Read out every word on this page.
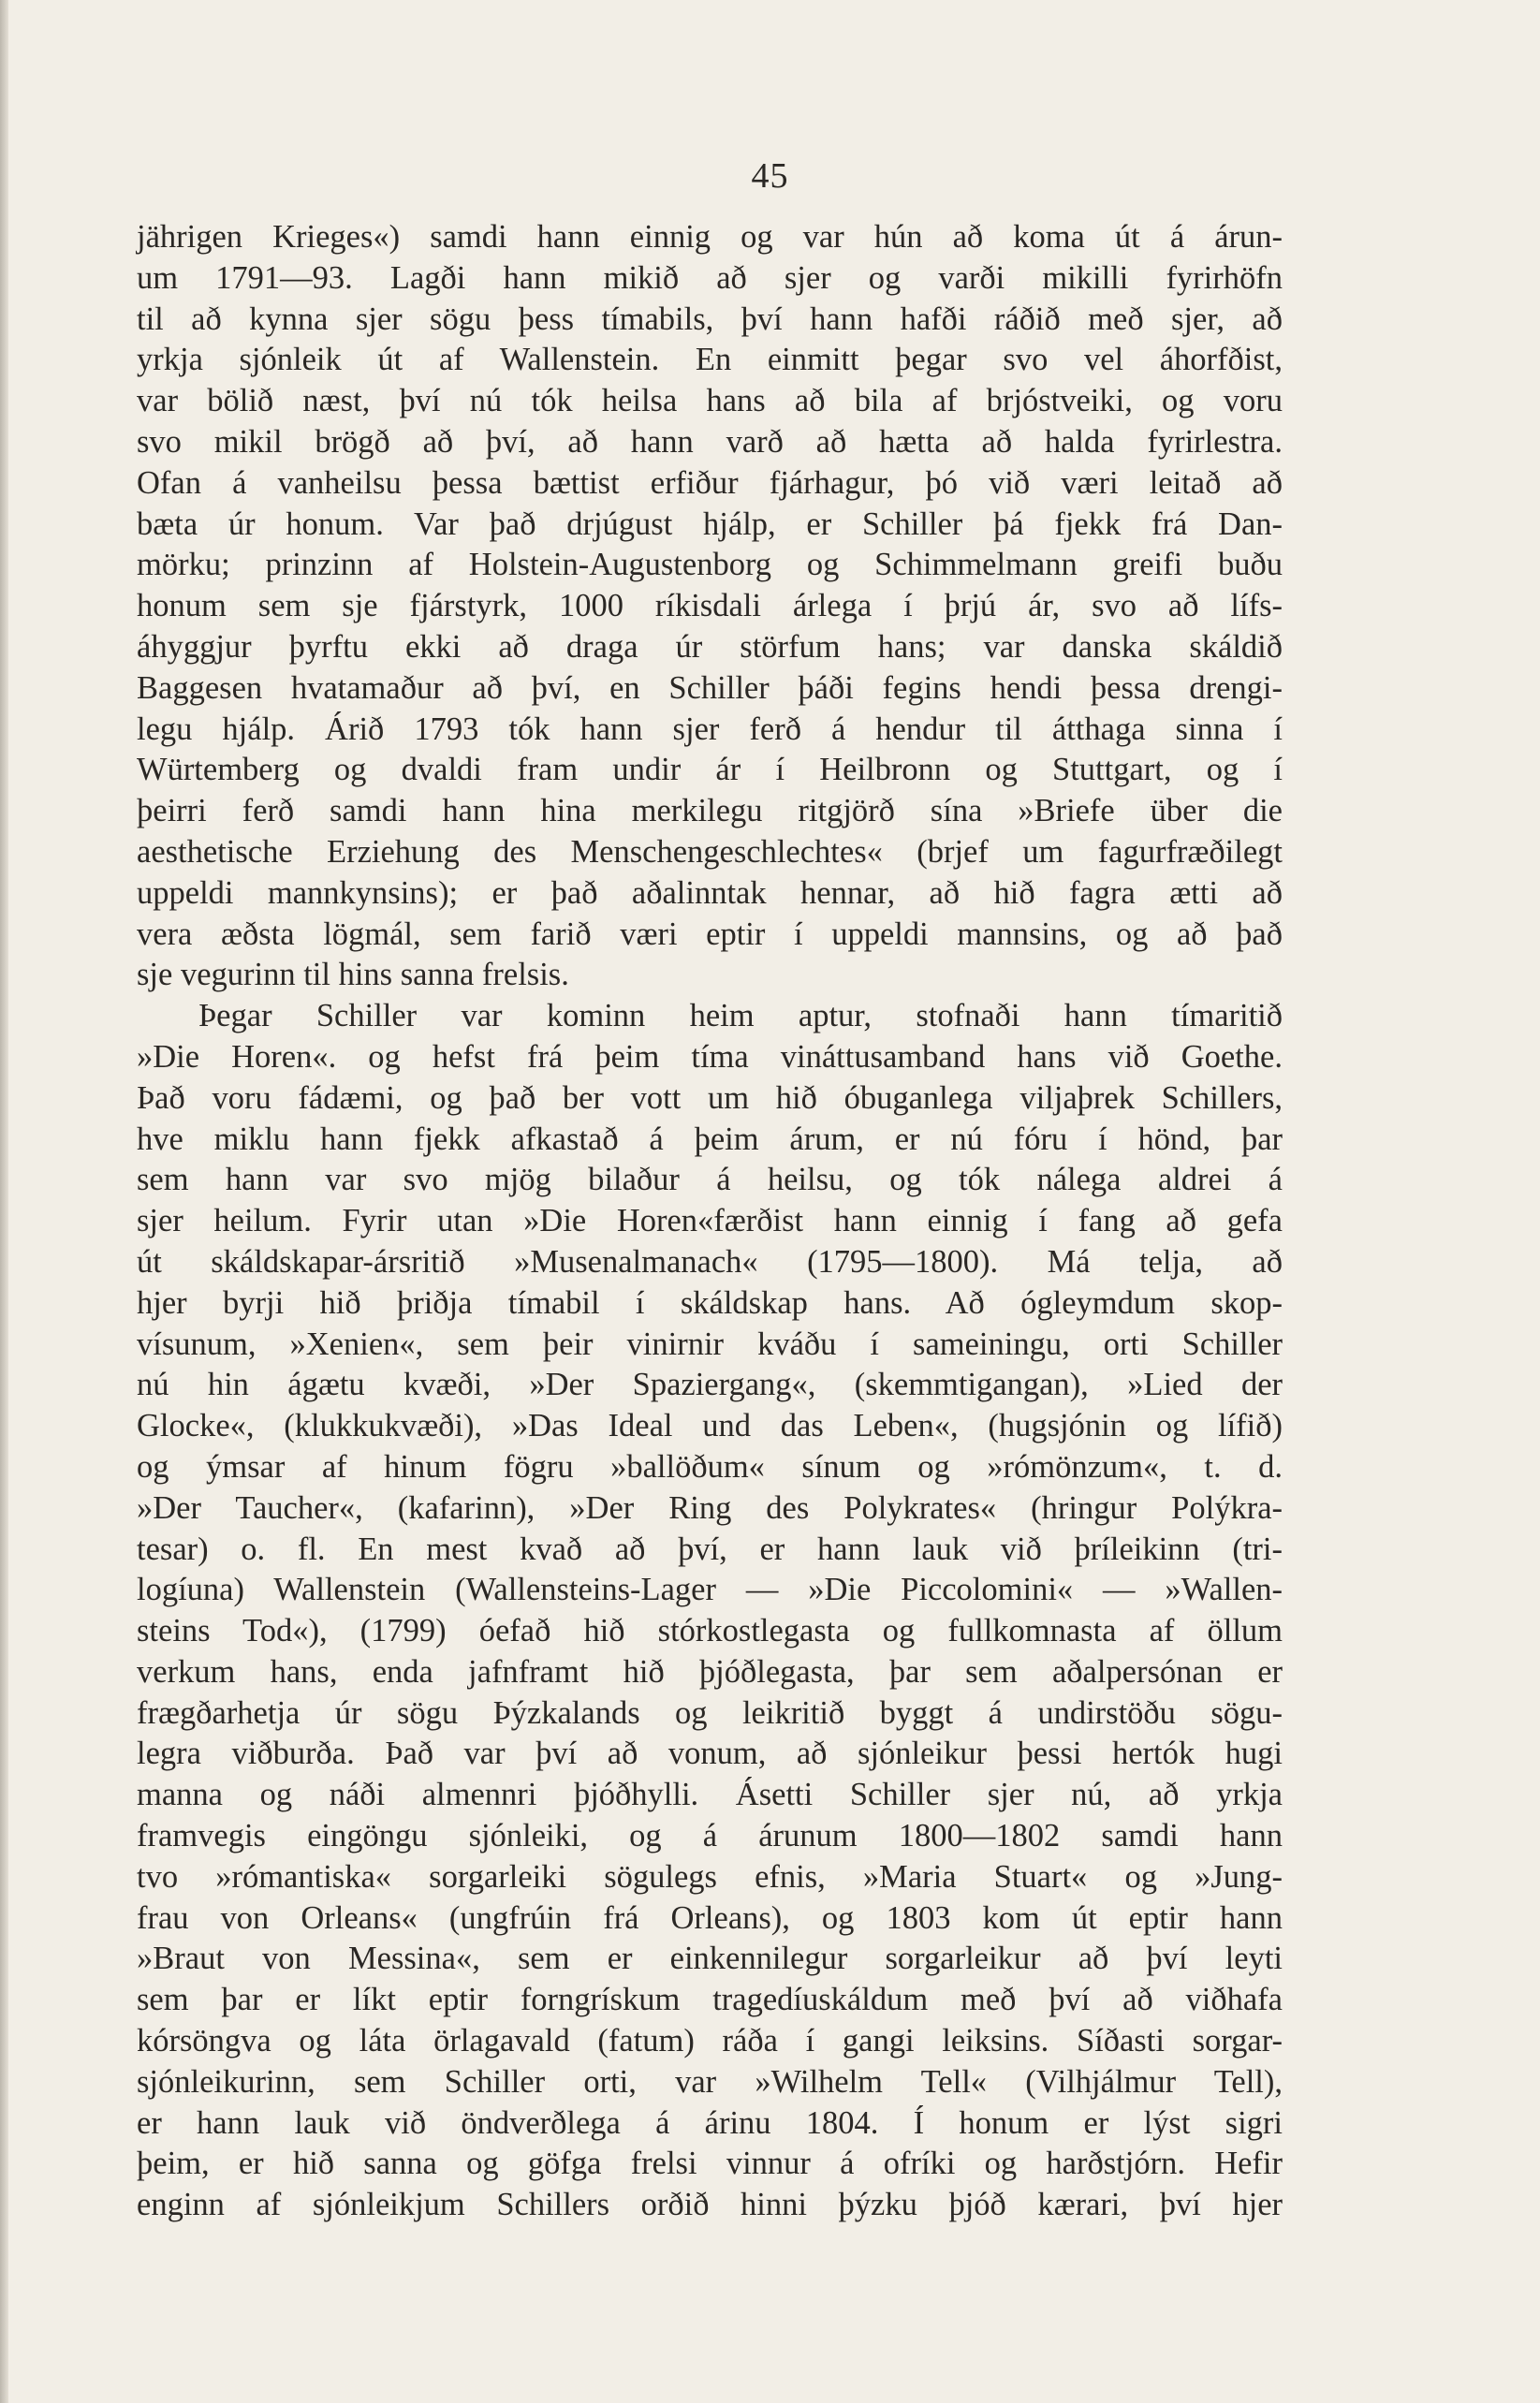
45
jährigen Krieges«) samdi hann einnig og var hún að koma út á árun-
um 1791—93. Lagði hann mikið að sjer og varði mikilli fyrirhöfn
til að kynna sjer sögu þess tímabils, því hann hafði ráðið með sjer, að
yrkja sjónleik út af Wallenstein. En einmitt þegar svo vel áhorfðist,
var bölið næst, því nú tók heilsa hans að bila af brjóstveiki, og voru
svo mikil brögð að því, að hann varð að hætta að halda fyrirlestra.
Ofan á vanheilsu þessa bættist erfiður fjárhagur, þó við væri leitað að
bæta úr honum. Var það drjúgust hjálp, er Schiller þá fjekk frá Dan-
mörku; prinzinn af Holstein-Augustenborg og Schimmelmann greifi buðu
honum sem sje fjárstyrk, 1000 ríkisdali árlega í þrjú ár, svo að lífs-
áhyggjur þyrftu ekki að draga úr störfum hans; var danska skáldið
Baggesen hvatamaður að því, en Schiller þáði fegins hendi þessa drengi-
legu hjálp. Árið 1793 tók hann sjer ferð á hendur til átthaga sinna í
Würtemberg og dvaldi fram undir ár í Heilbronn og Stuttgart, og í
þeirri ferð samdi hann hina merkilegu ritgjörð sína »Briefe über die
aesthetische Erziehung des Menschengeschlechtes« (brjef um fagurfræðilegt
uppeldi mannkynsins); er það aðalinntak hennar, að hið fagra ætti að
vera æðsta lögmál, sem farið væri eptir í uppeldi mannsins, og að það
sje vegurinn til hins sanna frelsis.
Þegar Schiller var kominn heim aptur, stofnaði hann tímaritið
»Die Horen«. og hefst frá þeim tíma vináttusamband hans við Goethe.
Það voru fádæmi, og það ber vott um hið óbuganlega viljaþrek Schillers,
hve miklu hann fjekk afkastað á þeim árum, er nú fóru í hönd, þar
sem hann var svo mjög bilaður á heilsu, og tók nálega aldrei á
sjer heilum. Fyrir utan »Die Horen«færðist hann einnig í fang að gefa
út skáldskapar-ársritið »Musenalmanach« (1795—1800). Má telja, að
hjer byrji hið þriðja tímabil í skáldskap hans. Að ógleymdum skop-
vísunum, »Xenien«, sem þeir vinirnir kváðu í sameiningu, orti Schiller
nú hin ágætu kvæði, »Der Spaziergang«, (skemmtigangan), »Lied der
Glocke«, (klukkukvæði), »Das Ideal und das Leben«, (hugsjónin og lífið)
og ýmsar af hinum fögru »ballöðum« sínum og »rómönzum«, t. d.
»Der Taucher«, (kafarinn), »Der Ring des Polykrates« (hringur Polýkra-
tesar) o. fl. En mest kvað að því, er hann lauk við þríleikinn (tri-
logíuna) Wallenstein (Wallensteins-Lager — »Die Piccolomini« — »Wallen-
steins Tod«), (1799) óefað hið stórkostlegasta og fullkomnasta af öllum
verkum hans, enda jafnframt hið þjóðlegasta, þar sem aðalpersónan er
frægðarhetja úr sögu Þýzkalands og leikritið byggt á undirstöðu sögu-
legra viðburða. Það var því að vonum, að sjónleikur þessi hertók hugi
manna og náði almennri þjóðhylli. Ásetti Schiller sjer nú, að yrkja
framvegis eingöngu sjónleiki, og á árunum 1800—1802 samdi hann
tvo »rómantiska« sorgarleiki sögulegs efnis, »Maria Stuart« og »Jung-
frau von Orleans« (ungfrúin frá Orleans), og 1803 kom út eptir hann
»Braut von Messina«, sem er einkennilegur sorgarleikur að því leyti
sem þar er líkt eptir forngrískum tragedíuskáldum með því að viðhafa
kórsöngva og láta örlagavald (fatum) ráða í gangi leiksins. Síðasti sorgar-
sjónleikurinn, sem Schiller orti, var »Wilhelm Tell« (Vilhjálmur Tell),
er hann lauk við öndverðlega á árinu 1804. Í honum er lýst sigri
þeim, er hið sanna og göfga frelsi vinnur á ofríki og harðstjórn. Hefir
enginn af sjónleikjum Schillers orðið hinni þýzku þjóð kærari, því hjer
